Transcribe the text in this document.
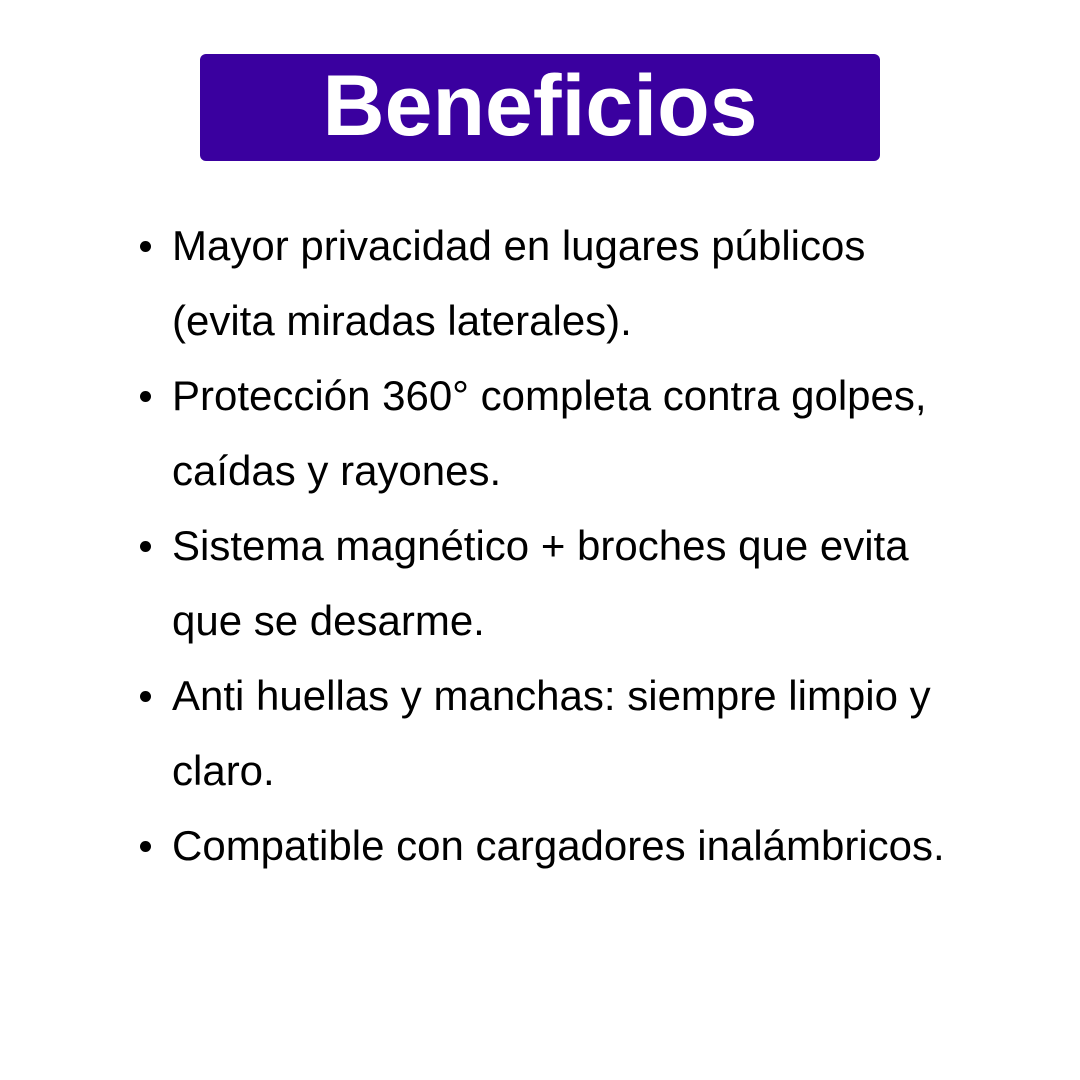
Beneficios
Mayor privacidad en lugares públicos
(evita miradas laterales).
Protección 360° completa contra golpes,
caídas y rayones.
Sistema magnético + broches que evita
que se desarme.
Anti huellas y manchas: siempre limpio y
claro.
Compatible con cargadores inalámbricos.
